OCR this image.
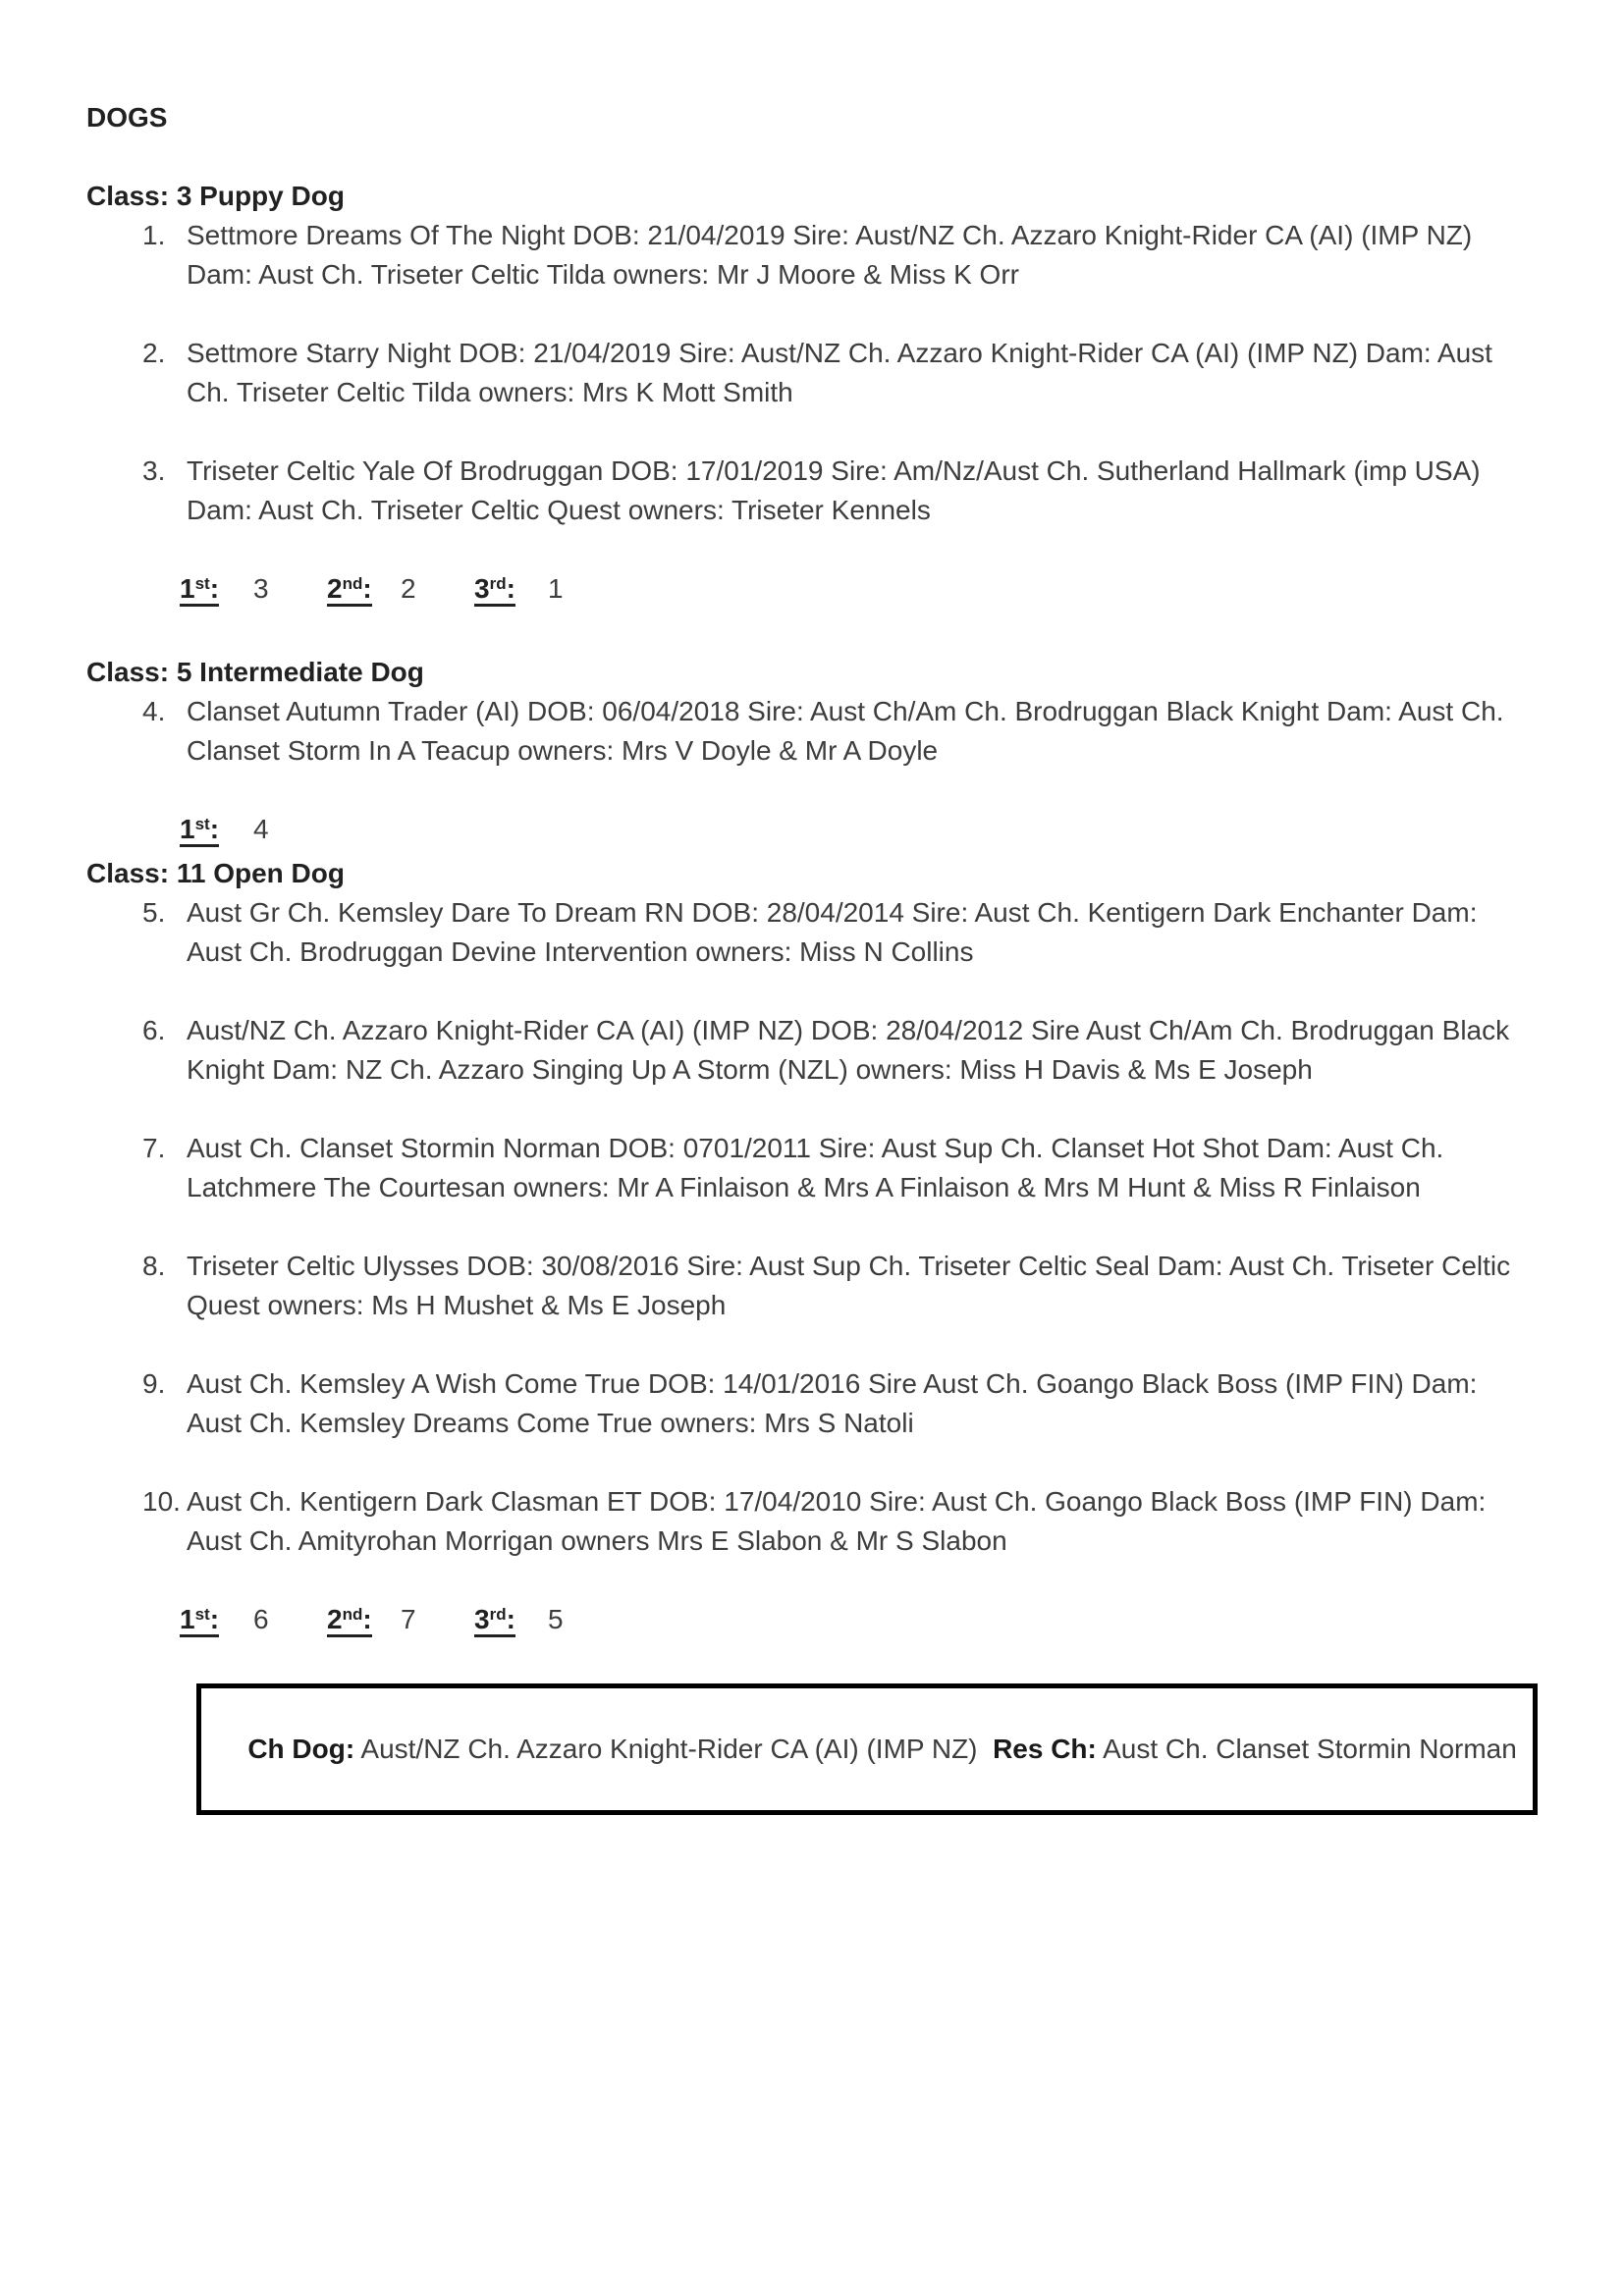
DOGS
Class: 3 Puppy Dog
1. Settmore Dreams Of The Night DOB: 21/04/2019 Sire: Aust/NZ Ch. Azzaro Knight-Rider CA (AI) (IMP NZ) Dam: Aust Ch. Triseter Celtic Tilda owners: Mr J Moore & Miss K Orr
2. Settmore Starry Night DOB: 21/04/2019 Sire: Aust/NZ Ch. Azzaro Knight-Rider CA (AI) (IMP NZ) Dam: Aust Ch. Triseter Celtic Tilda owners: Mrs K Mott Smith
3. Triseter Celtic Yale Of Brodruggan DOB: 17/01/2019 Sire: Am/Nz/Aust Ch. Sutherland Hallmark (imp USA) Dam: Aust Ch. Triseter Celtic Quest owners: Triseter Kennels
1st:	3	2nd:	2	3rd:	1
Class: 5 Intermediate Dog
4. Clanset Autumn Trader (AI) DOB: 06/04/2018 Sire: Aust Ch/Am Ch. Brodruggan Black Knight Dam: Aust Ch. Clanset Storm In A Teacup owners: Mrs V Doyle & Mr A Doyle
1st:	4
Class: 11 Open Dog
5. Aust Gr Ch. Kemsley Dare To Dream RN DOB: 28/04/2014 Sire: Aust Ch. Kentigern Dark Enchanter Dam: Aust Ch. Brodruggan Devine Intervention owners: Miss N Collins
6. Aust/NZ Ch. Azzaro Knight-Rider CA (AI) (IMP NZ) DOB: 28/04/2012 Sire Aust Ch/Am Ch. Brodruggan Black Knight Dam: NZ Ch. Azzaro Singing Up A Storm (NZL) owners: Miss H Davis & Ms E Joseph
7. Aust Ch. Clanset Stormin Norman DOB: 0701/2011 Sire: Aust Sup Ch. Clanset Hot Shot Dam: Aust Ch. Latchmere The Courtesan owners: Mr A Finlaison & Mrs A Finlaison & Mrs M Hunt & Miss R Finlaison
8. Triseter Celtic Ulysses DOB: 30/08/2016 Sire: Aust Sup Ch. Triseter Celtic Seal Dam: Aust Ch. Triseter Celtic Quest owners: Ms H Mushet & Ms E Joseph
9. Aust Ch. Kemsley A Wish Come True DOB: 14/01/2016 Sire Aust Ch. Goango Black Boss (IMP FIN) Dam: Aust Ch. Kemsley Dreams Come True owners: Mrs S Natoli
10. Aust Ch. Kentigern Dark Clasman ET DOB: 17/04/2010 Sire: Aust Ch. Goango Black Boss (IMP FIN) Dam: Aust Ch. Amityrohan Morrigan owners Mrs E Slabon & Mr S Slabon
1st:	6	2nd:	7	3rd:	5

Ch Dog: Aust/NZ Ch. Azzaro Knight-Rider CA (AI) (IMP NZ)  Res Ch: Aust Ch. Clanset Stormin Norman
